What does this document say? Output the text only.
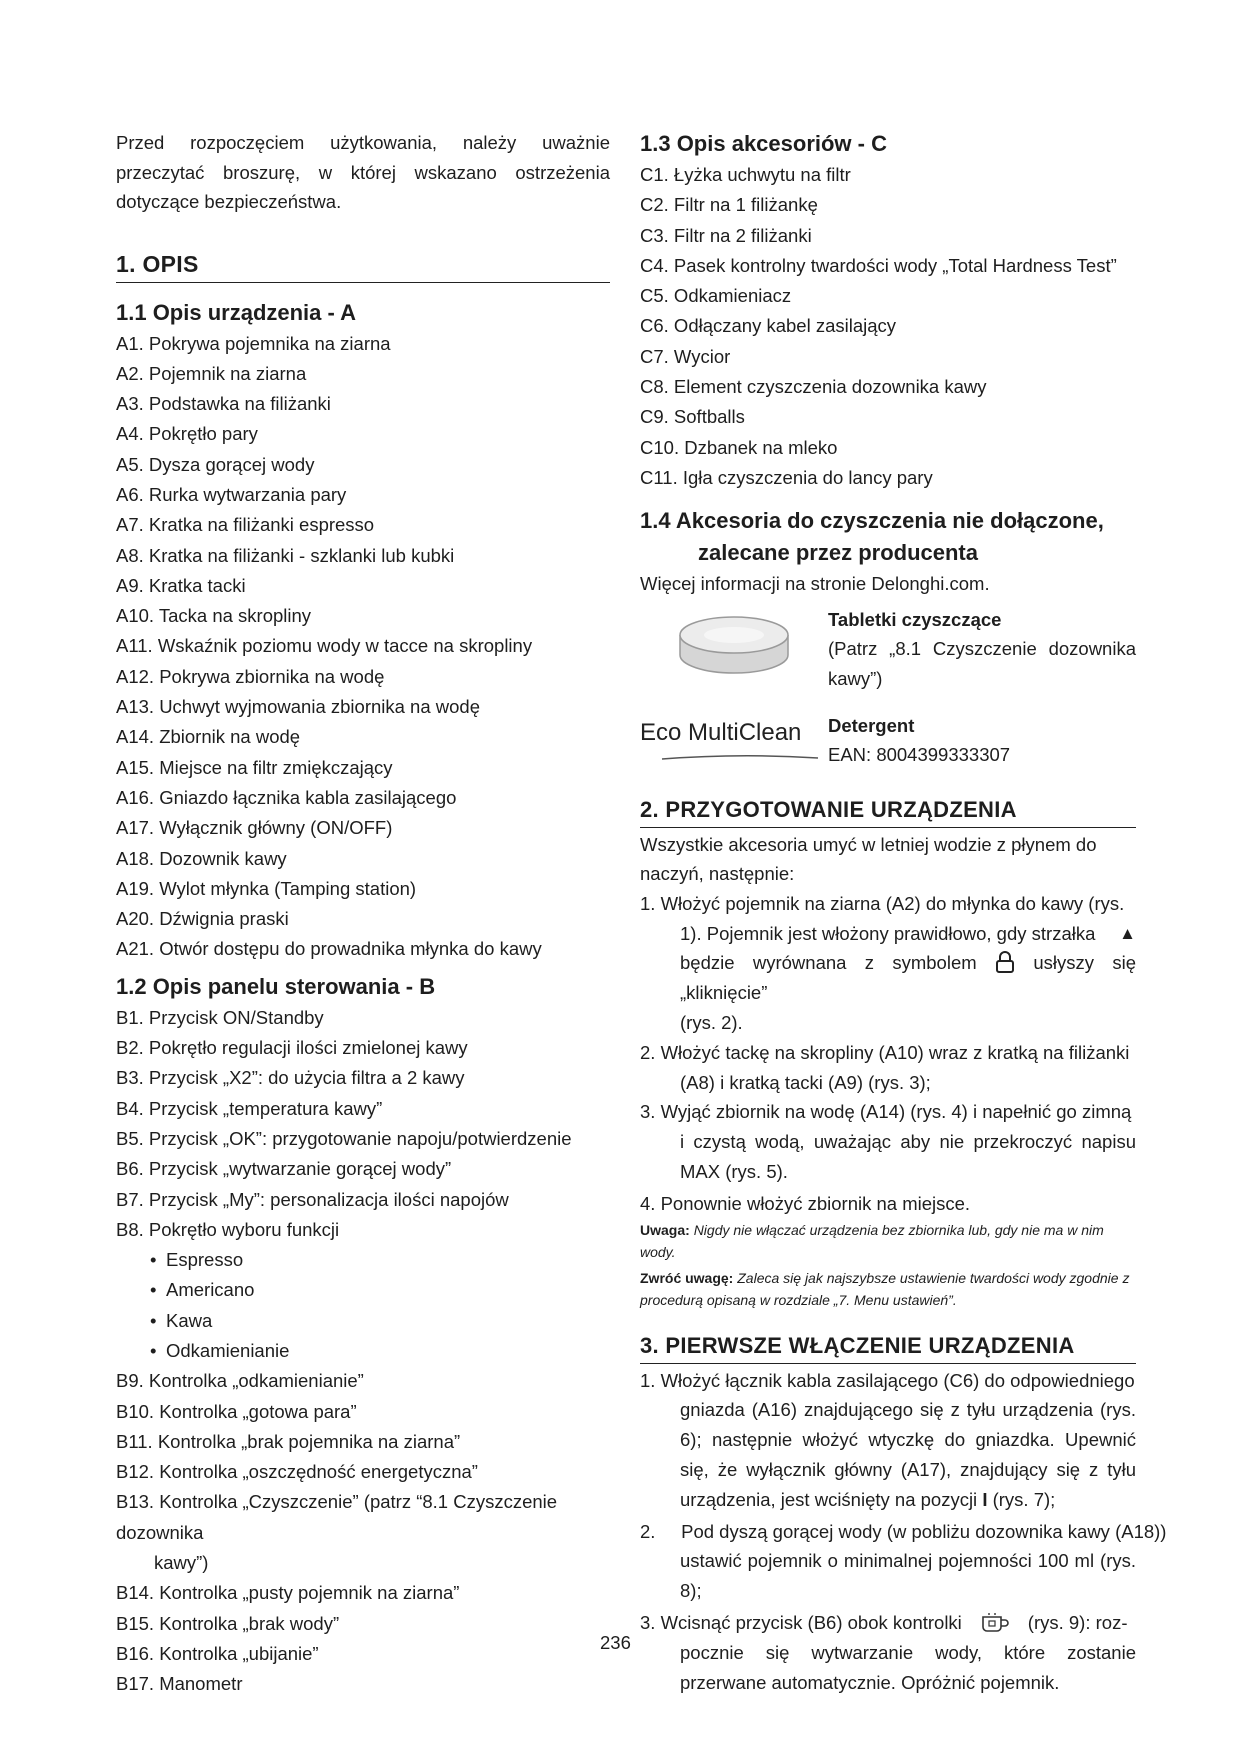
Przed rozpoczęciem użytkowania, należy uważnie przeczytać broszurę, w której wskazano ostrzeżenia dotyczące bezpieczeństwa.

1. OPIS
1.1 Opis urządzenia - A
A1. Pokrywa pojemnika na ziarna
A2. Pojemnik na ziarna
A3. Podstawka na filiżanki
A4. Pokrętło pary
A5. Dysza gorącej wody
A6. Rurka wytwarzania pary
A7. Kratka na filiżanki espresso
A8. Kratka na filiżanki - szklanki lub kubki
A9. Kratka tacki
A10. Tacka na skropliny
A11. Wskaźnik poziomu wody w tacce na skropliny
A12. Pokrywa zbiornika na wodę
A13. Uchwyt wyjmowania zbiornika na wodę
A14. Zbiornik na wodę
A15. Miejsce na filtr zmiękczający
A16. Gniazdo łącznika kabla zasilającego
A17. Wyłącznik główny (ON/OFF)
A18. Dozownik kawy
A19. Wylot młynka (Tamping station)
A20. Dźwignia praski
A21. Otwór dostępu do prowadnika młynka do kawy
1.2 Opis panelu sterowania - B
B1. Przycisk ON/Standby
B2. Pokrętło regulacji ilości zmielonej kawy
B3. Przycisk „X2”: do użycia filtra a 2 kawy
B4. Przycisk „temperatura kawy”
B5. Przycisk „OK”: przygotowanie napoju/potwierdzenie
B6. Przycisk „wytwarzanie gorącej wody”
B7. Przycisk „My”: personalizacja ilości napojów
B8. Pokrętło wyboru funkcji
• Espresso
• Americano
• Kawa
• Odkamienianie
B9. Kontrolka „odkamienianie”
B10. Kontrolka „gotowa para”
B11. Kontrolka „brak pojemnika na ziarna”
B12. Kontrolka „oszczędność energetyczna”
B13. Kontrolka „Czyszczenie” (patrz “8.1 Czyszczenie dozownika
kawy”)
B14. Kontrolka „pusty pojemnik na ziarna”
B15. Kontrolka „brak wody”
B16. Kontrolka „ubijanie”
B17. Manometr
1.3 Opis akcesoriów - C
C1. Łyżka uchwytu na filtr
C2. Filtr na 1 filiżankę
C3. Filtr na 2 filiżanki
C4. Pasek kontrolny twardości wody „Total Hardness Test”
C5. Odkamieniacz
C6. Odłączany kabel zasilający
C7. Wycior
C8. Element czyszczenia dozownika kawy
C9. Softballs
C10. Dzbanek na mleko
C11. Igła czyszczenia do lancy pary
1.4 Akcesoria do czyszczenia nie dołączone,
zalecane przez producenta
Więcej informacji na stronie Delonghi.com.
Tabletki czyszczące
(Patrz „8.1 Czyszczenie dozownika kawy”)
Eco MultiClean Detergent
EAN: 8004399333307
2. PRZYGOTOWANIE URZĄDZENIA

Wszystkie akcesoria umyć w letniej wodzie z płynem do naczyń, następnie:

1. Włożyć pojemnik na ziarna (A2) do młynka do kawy (rys.
1). Pojemnik jest włożony prawidłowo, gdy strzałka ▲

będzie wyrównana z symbolem	usłyszy się „kliknięcie”
(rys. 2).
2. Włożyć tackę na skropliny (A10) wraz z kratką na filiżanki
(A8) i kratką tacki (A9) (rys. 3);
3. Wyjąć zbiornik na wodę (A14) (rys. 4) i napełnić go zimną
i czystą wodą, uważając aby nie przekroczyć napisu MAX (rys. 5).
4. Ponownie włożyć zbiornik na miejsce.

Uwaga: Nigdy nie włączać urządzenia bez zbiornika lub, gdy nie ma w nim wody.

Zwróć uwagę: Zaleca się jak najszybsze ustawienie twardości wody zgodnie z procedurą opisaną w rozdziale „7. Menu ustawień”.

3. PIERWSZE WŁĄCZENIE URZĄDZENIA
1. Włożyć łącznik kabla zasilającego (C6) do odpowiedniego
gniazda (A16) znajdującego się z tyłu urządzenia (rys. 6); następnie włożyć wtyczkę do gniazdka. Upewnić się, że wyłącznik główny (A17), znajdujący się z tyłu urządzenia, jest wciśnięty na pozycji I (rys. 7);
2.     Pod dyszą gorącej wody (w pobliżu dozownika kawy (A18))
ustawić pojemnik o minimalnej pojemności 100 ml (rys. 8);
3. Wcisnąć przycisk (B6) obok kontrolki	(rys. 9): roz-
pocznie się wytwarzanie wody, które zostanie przerwane automatycznie. Opróżnić pojemnik.
236
